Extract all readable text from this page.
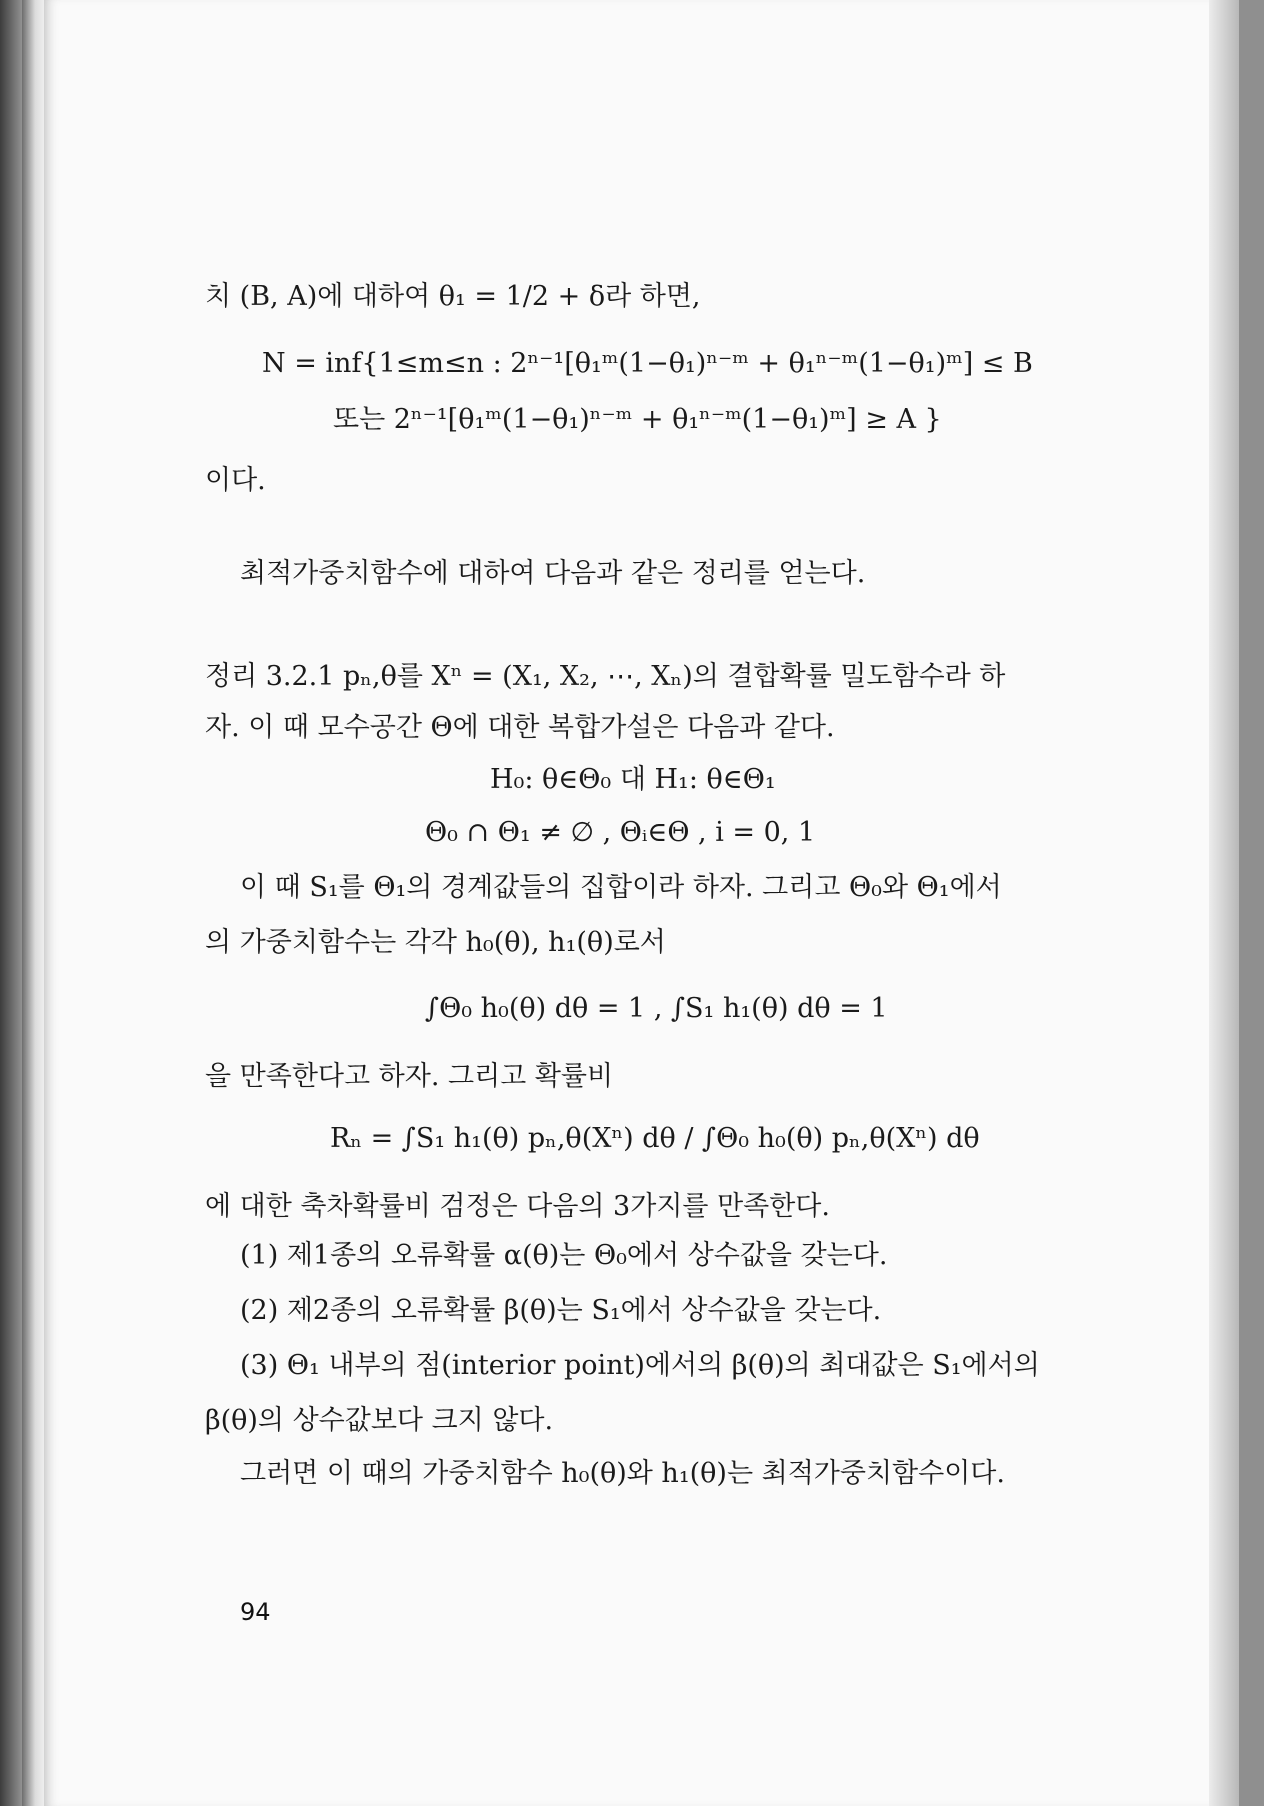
치 (B, A)에 대하여 θ₁ = 1/2 + δ라 하면,
N = inf{1≤m≤n : 2ⁿ⁻¹[θ₁ᵐ(1−θ₁)ⁿ⁻ᵐ + θ₁ⁿ⁻ᵐ(1−θ₁)ᵐ] ≤ B
또는 2ⁿ⁻¹[θ₁ᵐ(1−θ₁)ⁿ⁻ᵐ + θ₁ⁿ⁻ᵐ(1−θ₁)ᵐ] ≥ A }
이다.
최적가중치함수에 대하여 다음과 같은 정리를 얻는다.
정리 3.2.1 pₙ,θ를 Xⁿ = (X₁, X₂, ⋯, Xₙ)의 결합확률 밀도함수라 하
자. 이 때 모수공간 Θ에 대한 복합가설은 다음과 같다.
H₀: θ∈Θ₀ 대 H₁: θ∈Θ₁
Θ₀ ∩ Θ₁ ≠ ∅ , Θᵢ∈Θ , i = 0, 1
이 때 S₁를 Θ₁의 경계값들의 집합이라 하자. 그리고 Θ₀와 Θ₁에서
의 가중치함수는 각각 h₀(θ), h₁(θ)로서
∫Θ₀ h₀(θ) dθ = 1 , ∫S₁ h₁(θ) dθ = 1
을 만족한다고 하자. 그리고 확률비
Rₙ = ∫S₁ h₁(θ) pₙ,θ(Xⁿ) dθ / ∫Θ₀ h₀(θ) pₙ,θ(Xⁿ) dθ
에 대한 축차확률비 검정은 다음의 3가지를 만족한다.
(1) 제1종의 오류확률 α(θ)는 Θ₀에서 상수값을 갖는다.
(2) 제2종의 오류확률 β(θ)는 S₁에서 상수값을 갖는다.
(3) Θ₁ 내부의 점(interior point)에서의 β(θ)의 최대값은 S₁에서의
β(θ)의 상수값보다 크지 않다.
그러면 이 때의 가중치함수 h₀(θ)와 h₁(θ)는 최적가중치함수이다.
94
